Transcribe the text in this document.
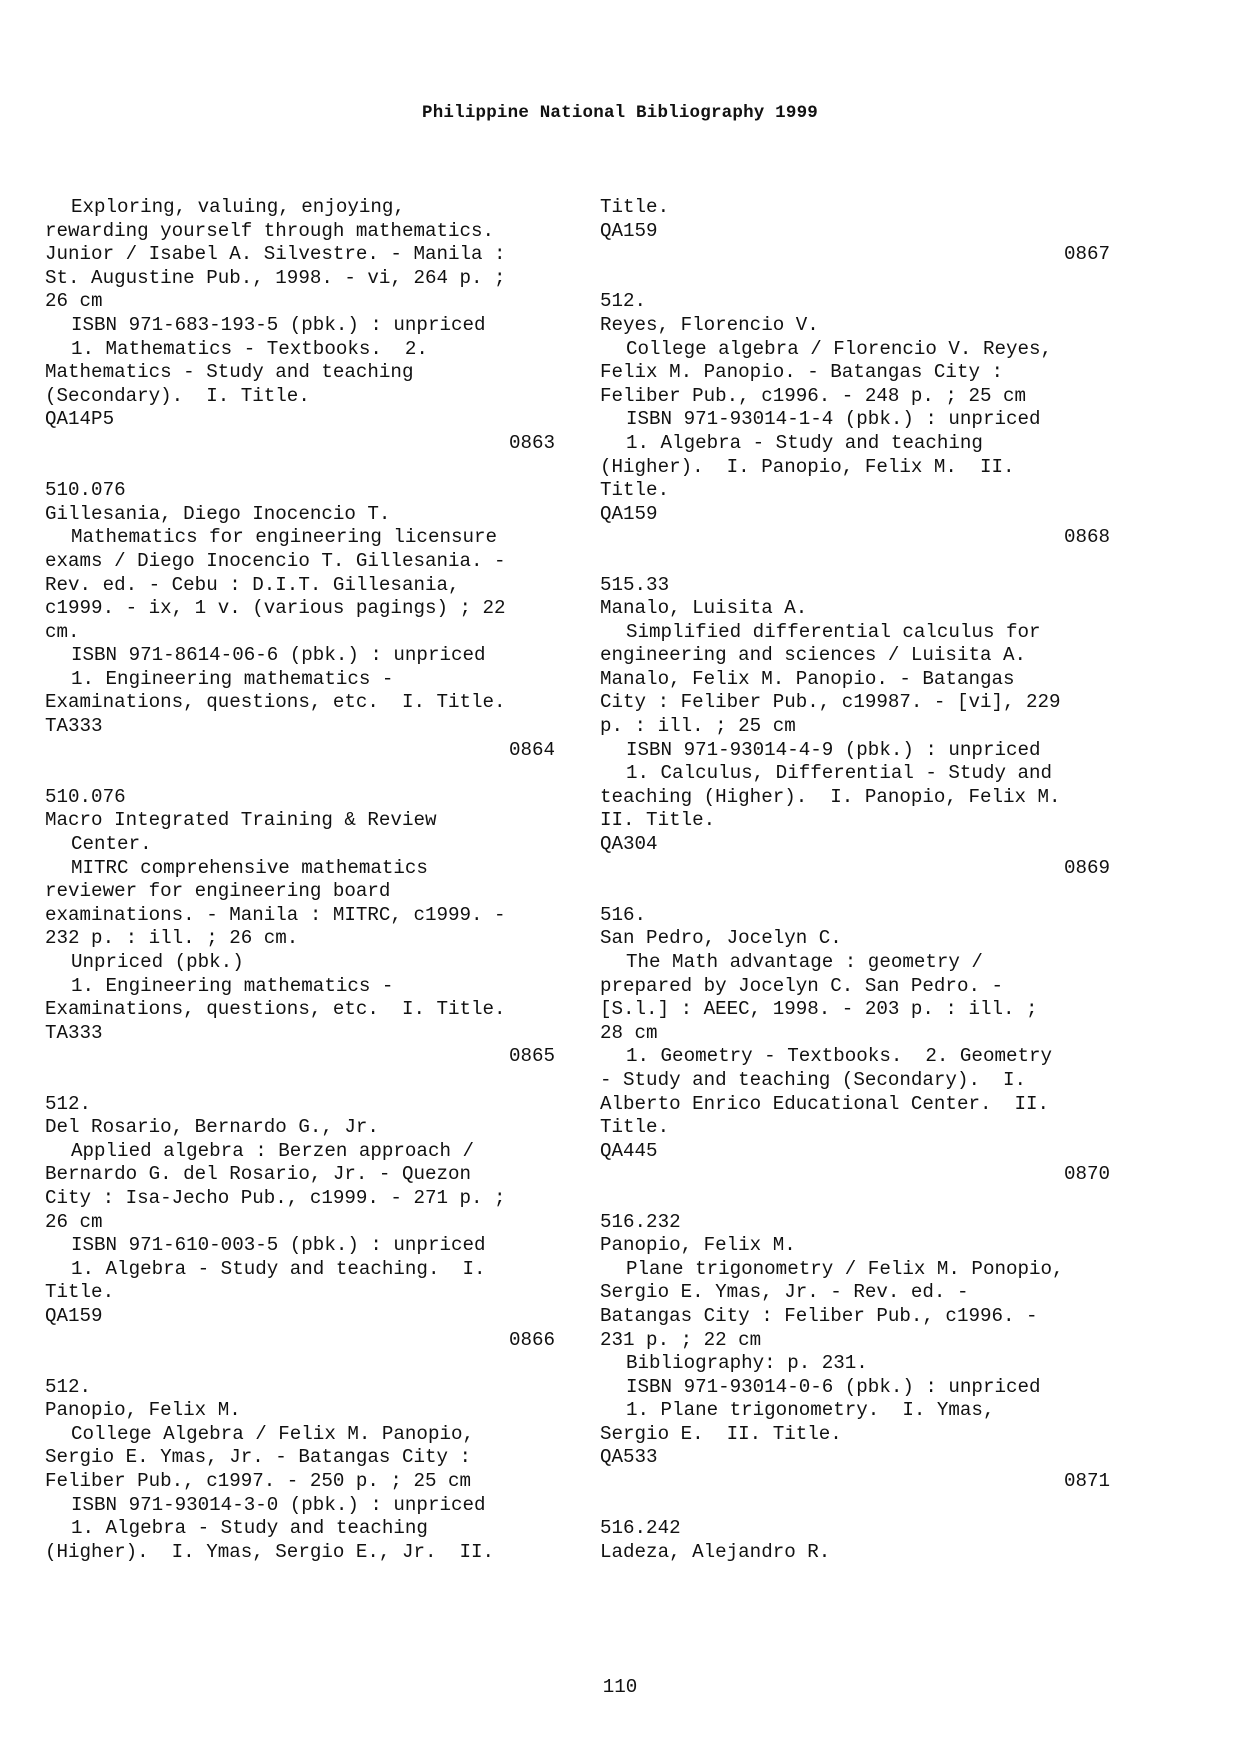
Philippine National Bibliography 1999
Exploring, valuing, enjoying,
rewarding yourself through mathematics.
Junior / Isabel A. Silvestre. - Manila :
St. Augustine Pub., 1998. - vi, 264 p. ;
26 cm
ISBN 971-683-193-5 (pbk.) : unpriced
1. Mathematics - Textbooks.  2.
Mathematics - Study and teaching
(Secondary).  I. Title.
QA14P5
0863
510.076
Gillesania, Diego Inocencio T.
Mathematics for engineering licensure
exams / Diego Inocencio T. Gillesania. -
Rev. ed. - Cebu : D.I.T. Gillesania,
c1999. - ix, 1 v. (various pagings) ; 22
cm.
ISBN 971-8614-06-6 (pbk.) : unpriced
1. Engineering mathematics -
Examinations, questions, etc.  I. Title.
TA333
0864
510.076
Macro Integrated Training & Review
Center.
MITRC comprehensive mathematics
reviewer for engineering board
examinations. - Manila : MITRC, c1999. -
232 p. : ill. ; 26 cm.
Unpriced (pbk.)
1. Engineering mathematics -
Examinations, questions, etc.  I. Title.
TA333
0865
512.
Del Rosario, Bernardo G., Jr.
Applied algebra : Berzen approach /
Bernardo G. del Rosario, Jr. - Quezon
City : Isa-Jecho Pub., c1999. - 271 p. ;
26 cm
ISBN 971-610-003-5 (pbk.) : unpriced
1. Algebra - Study and teaching.  I.
Title.
QA159
0866
512.
Panopio, Felix M.
College Algebra / Felix M. Panopio,
Sergio E. Ymas, Jr. - Batangas City :
Feliber Pub., c1997. - 250 p. ; 25 cm
ISBN 971-93014-3-0 (pbk.) : unpriced
1. Algebra - Study and teaching
(Higher).  I. Ymas, Sergio E., Jr.  II.
Title.
QA159
0867
512.
Reyes, Florencio V.
College algebra / Florencio V. Reyes,
Felix M. Panopio. - Batangas City :
Feliber Pub., c1996. - 248 p. ; 25 cm
ISBN 971-93014-1-4 (pbk.) : unpriced
1. Algebra - Study and teaching
(Higher).  I. Panopio, Felix M.  II.
Title.
QA159
0868
515.33
Manalo, Luisita A.
Simplified differential calculus for
engineering and sciences / Luisita A.
Manalo, Felix M. Panopio. - Batangas
City : Feliber Pub., c19987. - [vi], 229
p. : ill. ; 25 cm
ISBN 971-93014-4-9 (pbk.) : unpriced
1. Calculus, Differential - Study and
teaching (Higher).  I. Panopio, Felix M.
II. Title.
QA304
0869
516.
San Pedro, Jocelyn C.
The Math advantage : geometry /
prepared by Jocelyn C. San Pedro. -
[S.l.] : AEEC, 1998. - 203 p. : ill. ;
28 cm
1. Geometry - Textbooks.  2. Geometry
- Study and teaching (Secondary).  I.
Alberto Enrico Educational Center.  II.
Title.
QA445
0870
516.232
Panopio, Felix M.
Plane trigonometry / Felix M. Ponopio,
Sergio E. Ymas, Jr. - Rev. ed. -
Batangas City : Feliber Pub., c1996. -
231 p. ; 22 cm
Bibliography: p. 231.
ISBN 971-93014-0-6 (pbk.) : unpriced
1. Plane trigonometry.  I. Ymas,
Sergio E.  II. Title.
QA533
0871
516.242
Ladeza, Alejandro R.
110
